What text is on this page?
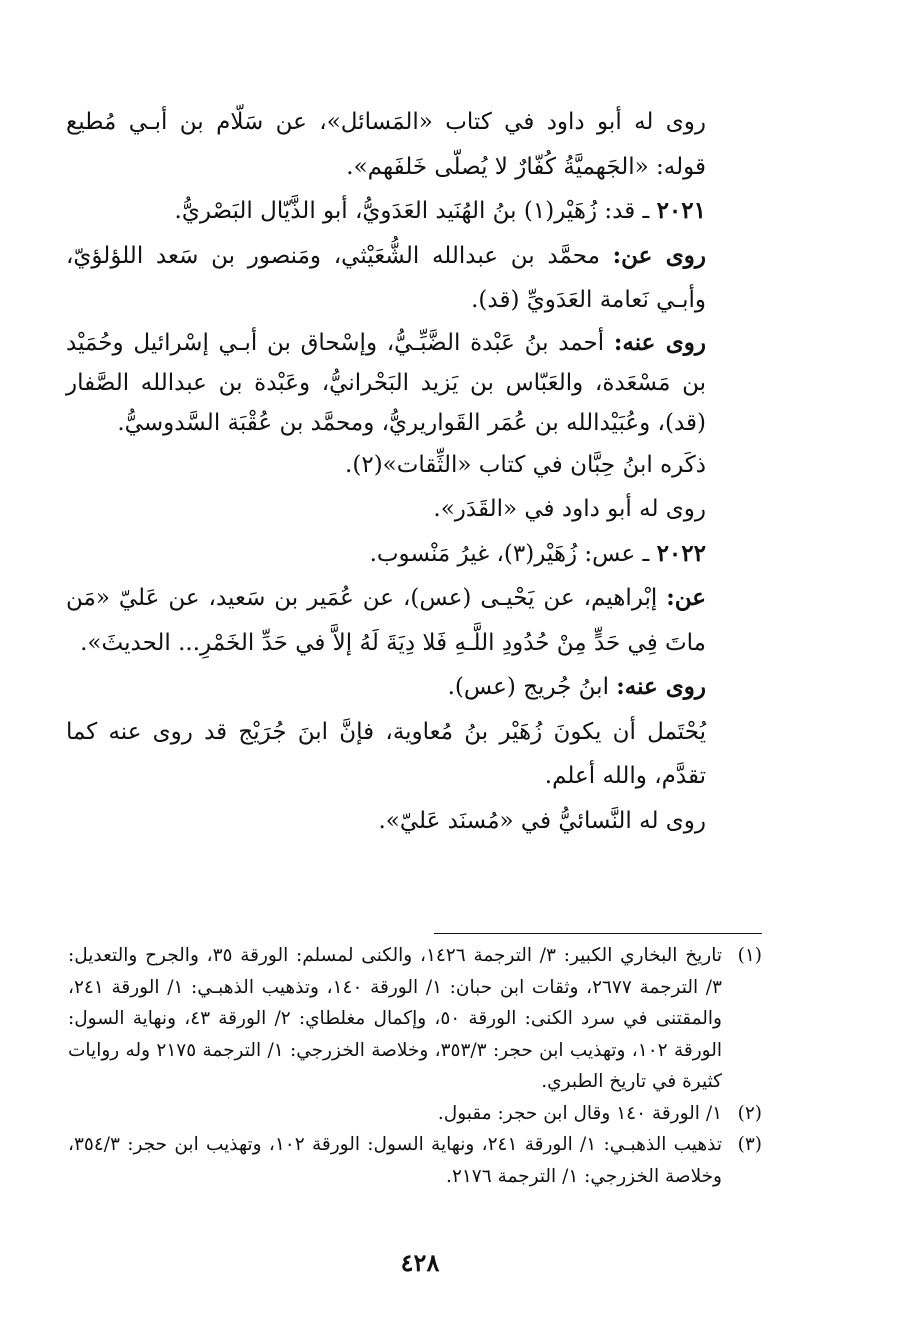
روى له أبو داود في كتاب «المَسائل»، عن سَلّام بن أبـي مُطيع قوله: «الجَهميَّةُ كُفّارٌ لا يُصلّى خَلفَهم».

٢٠٢١ ـ قد: زُهَيْر(١) بنُ الهُنَيد العَدَويُّ، أبو الذَّيّال البَصْريُّ.

روى عن: محمَّد بن عبدالله الشُّعَيْثي، ومَنصور بن سَعد اللؤلؤيّ، وأبـي نَعامة العَدَويِّ (قد).

روى عنه: أحمد بنُ عَبْدة الضَّبِّـيُّ، وإسْحاق بن أبـي إسْرائيل وحُمَيْد بن مَسْعَدة، والعَبّاس بن يَزيد البَحْرانيُّ، وعَبْدة بن عبدالله الصَّفار (قد)، وعُبَيْدالله بن عُمَر القَواريريُّ، ومحمَّد بن عُقْبَة السَّدوسيُّ.

ذكَره ابنُ حِبَّان في كتاب «الثِّقات»(٢).

روى له أبو داود في «القَدَر».

٢٠٢٢ ـ عس: زُهَيْر(٣)، غيرُ مَنْسوب.

عن: إبْراهيم، عن يَحْيـى (عس)، عن عُمَير بن سَعيد، عن عَليّ «مَن ماتَ فِي حَدٍّ مِنْ حُدُودِ اللَّـهِ فَلا دِيَةَ لَهُ إلاَّ في حَدِّ الخَمْرِ... الحديثَ».

روى عنه: ابنُ جُريج (عس).

يُحْتَمل أن يكونَ زُهَيْر بنُ مُعاوية، فإنَّ ابنَ جُرَيْج قد روى عنه كما تقدَّم، والله أعلم.

روى له النَّسائيُّ في «مُسنَد عَليّ».

(١)
تاريخ البخاري الكبير: ٣/ الترجمة ١٤٢٦، والكنى لمسلم: الورقة ٣٥، والجرح والتعديل: ٣/ الترجمة ٢٦٧٧، وثقات ابن حبان: ١/ الورقة ١٤٠، وتذهيب الذهبـي: ١/ الورقة ٢٤١، والمقتنى في سرد الكنى: الورقة ٥٠، وإكمال مغلطاي: ٢/ الورقة ٤٣، ونهاية السول: الورقة ١٠٢، وتهذيب ابن حجر: ٣٥٣/٣، وخلاصة الخزرجي: ١/ الترجمة ٢١٧٥ وله روايات كثيرة في تاريخ الطبري.
(٢)
١/ الورقة ١٤٠ وقال ابن حجر: مقبول.
(٣)
تذهيب الذهبـي: ١/ الورقة ٢٤١، ونهاية السول: الورقة ١٠٢، وتهذيب ابن حجر: ٣٥٤/٣، وخلاصة الخزرجي: ١/ الترجمة ٢١٧٦.
٤٢٨
